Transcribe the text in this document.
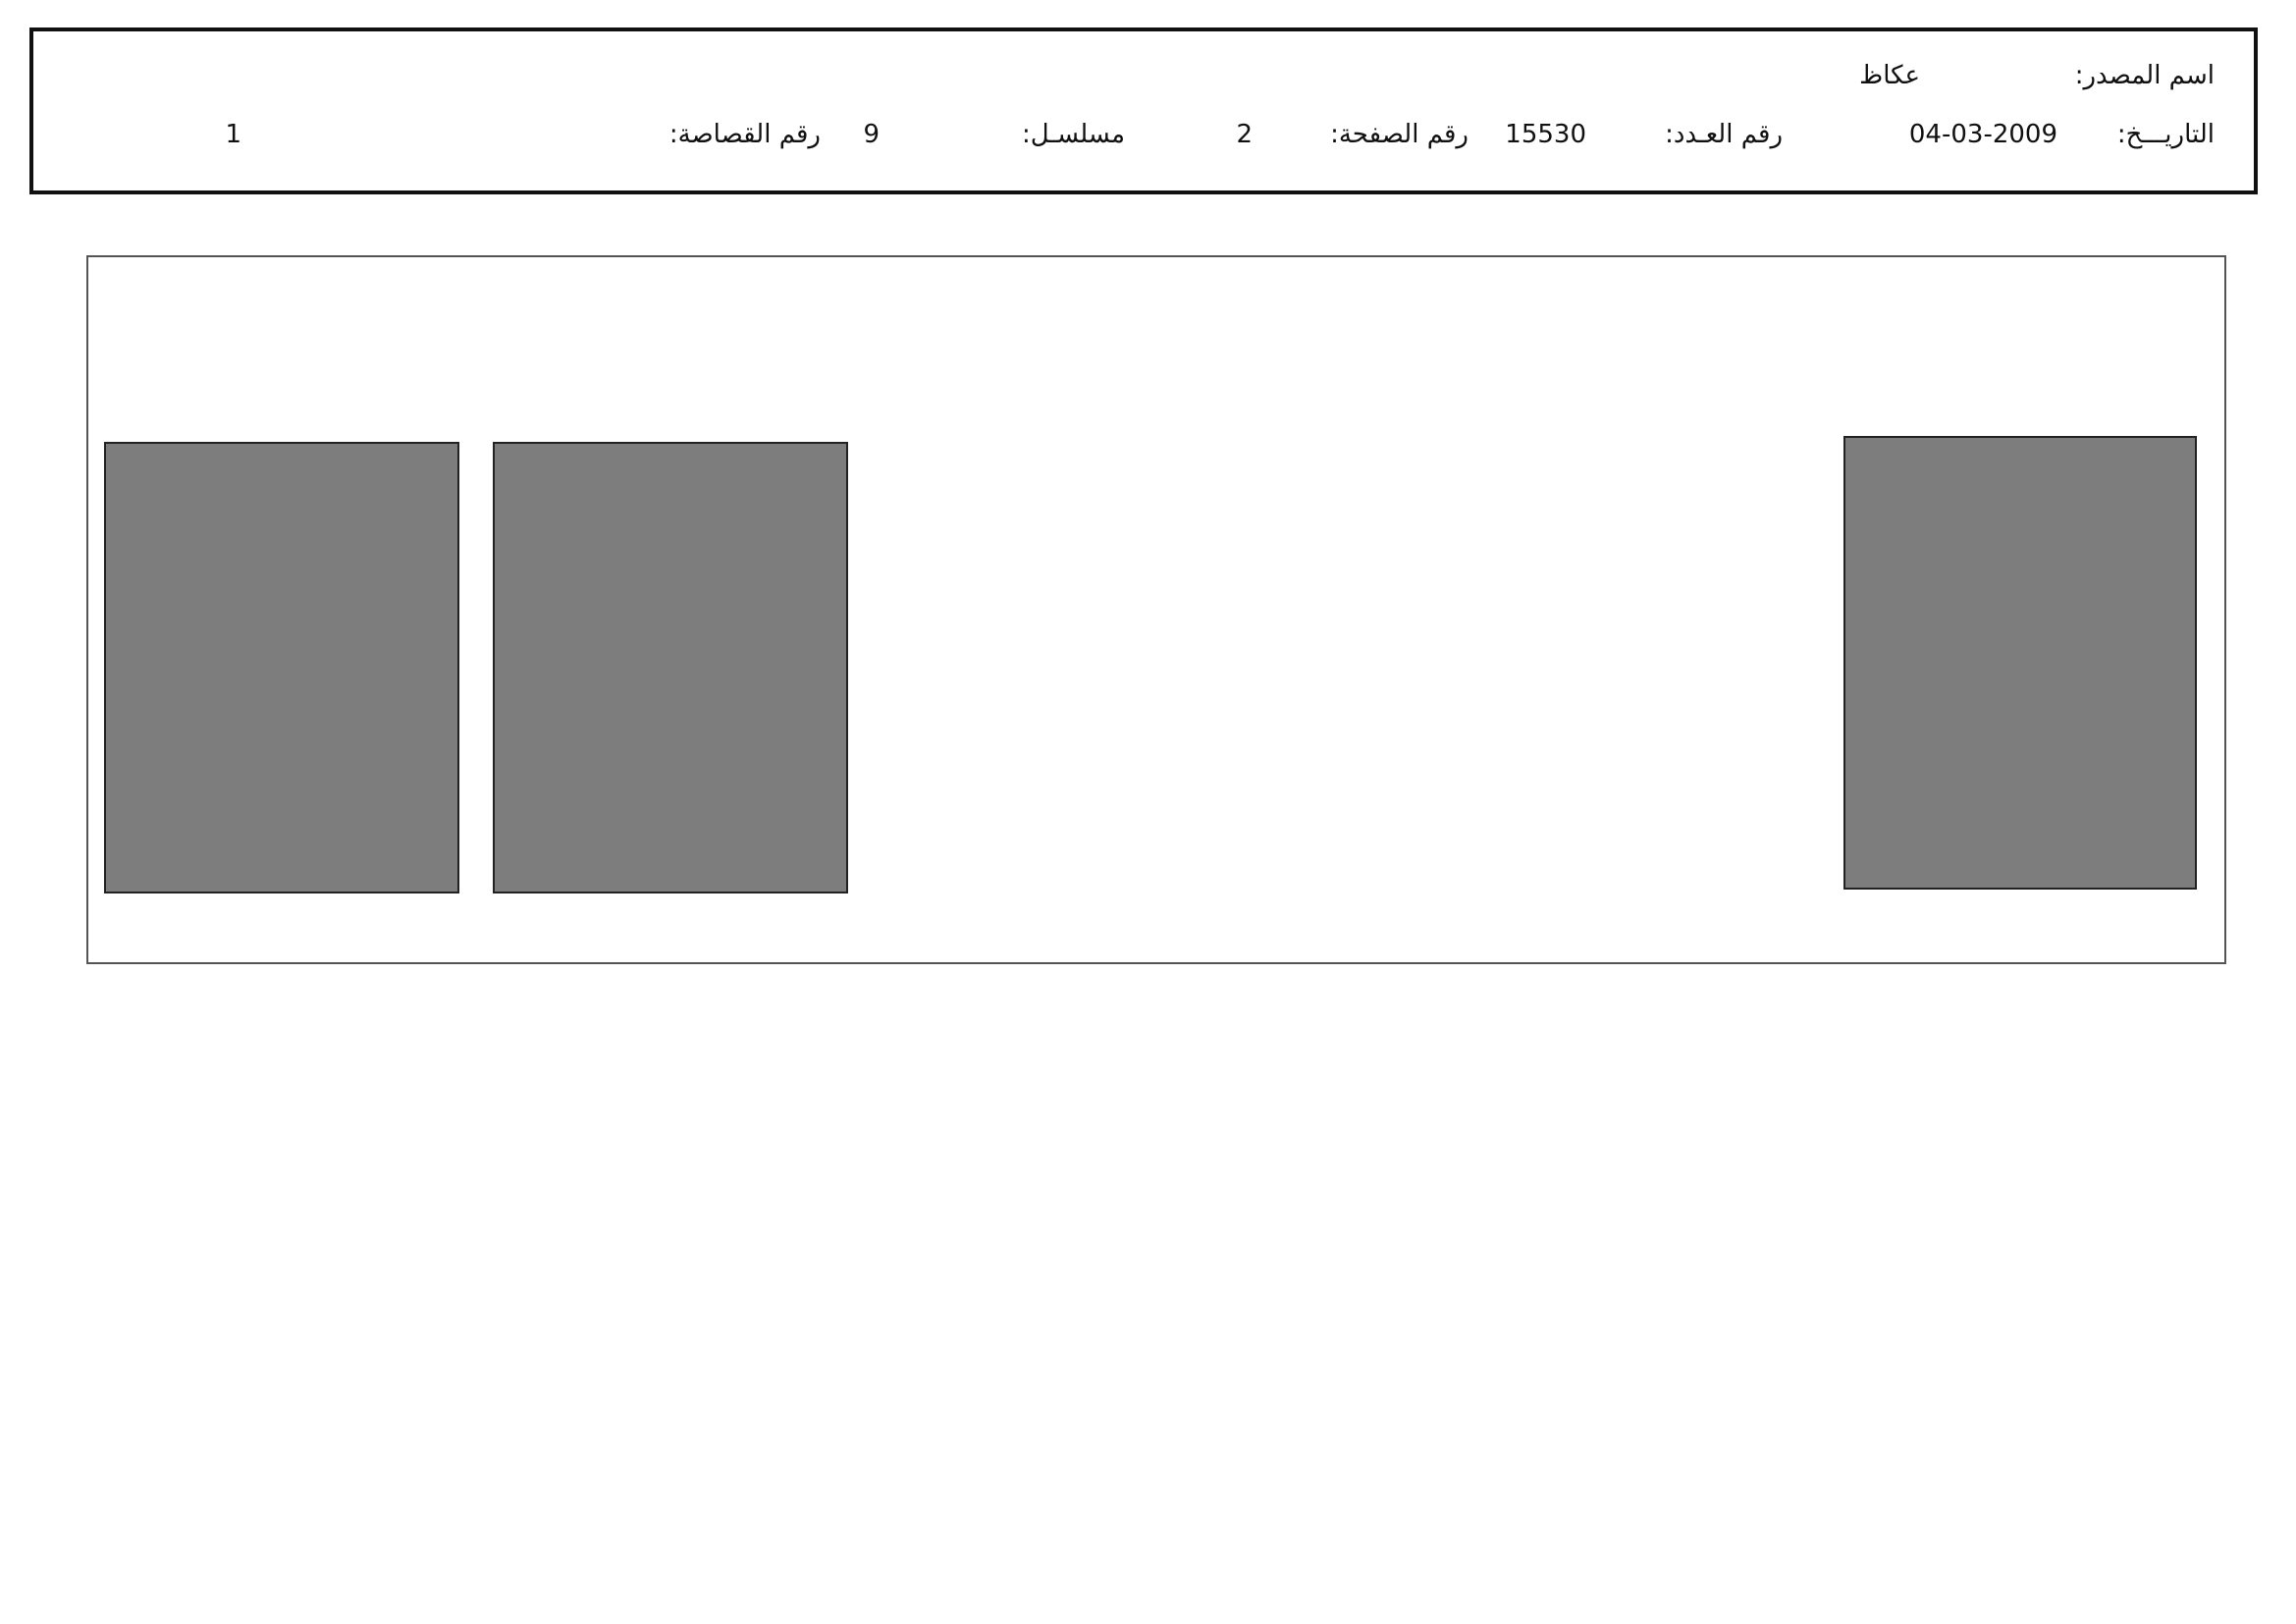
اسم المصدر:
عكاظ
التاريـــخ:
04-03-2009
رقم العـدد:
15530
رقم الصفحة:
2
مسلسـل:
9
رقم القصاصة:
1
